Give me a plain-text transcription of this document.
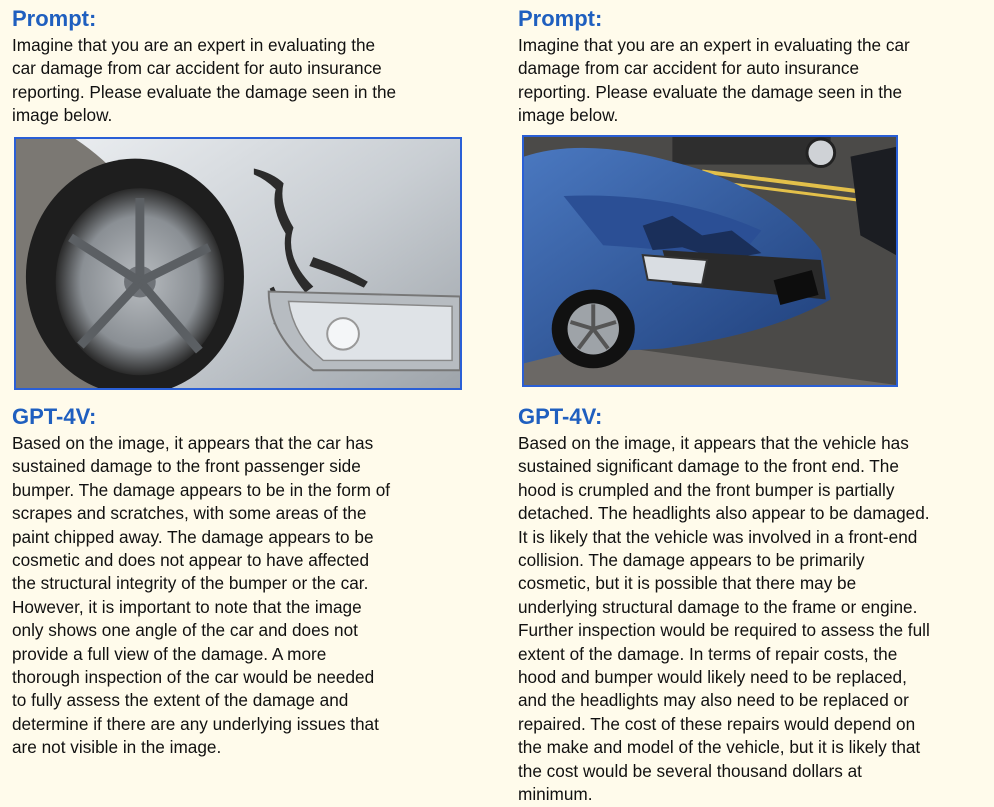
Prompt:
Imagine that you are an expert in evaluating the
car damage from car accident for auto insurance
reporting. Please evaluate the damage seen in the
image below.
GPT-4V:
Based on the image, it appears that the car has
sustained damage to the front passenger side
bumper. The damage appears to be in the form of
scrapes and scratches, with some areas of the
paint chipped away. The damage appears to be
cosmetic and does not appear to have affected
the structural integrity of the bumper or the car.
However, it is important to note that the image
only shows one angle of the car and does not
provide a full view of the damage. A more
thorough inspection of the car would be needed
to fully assess the extent of the damage and
determine if there are any underlying issues that
are not visible in the image.
Prompt:
Imagine that you are an expert in evaluating the car
damage from car accident for auto insurance
reporting. Please evaluate the damage seen in the
image below.
GPT-4V:
Based on the image, it appears that the vehicle has
sustained significant damage to the front end. The
hood is crumpled and the front bumper is partially
detached. The headlights also appear to be damaged.
It is likely that the vehicle was involved in a front-end
collision. The damage appears to be primarily
cosmetic, but it is possible that there may be
underlying structural damage to the frame or engine.
Further inspection would be required to assess the full
extent of the damage. In terms of repair costs, the
hood and bumper would likely need to be replaced,
and the headlights may also need to be replaced or
repaired. The cost of these repairs would depend on
the make and model of the vehicle, but it is likely that
the cost would be several thousand dollars at
minimum.
